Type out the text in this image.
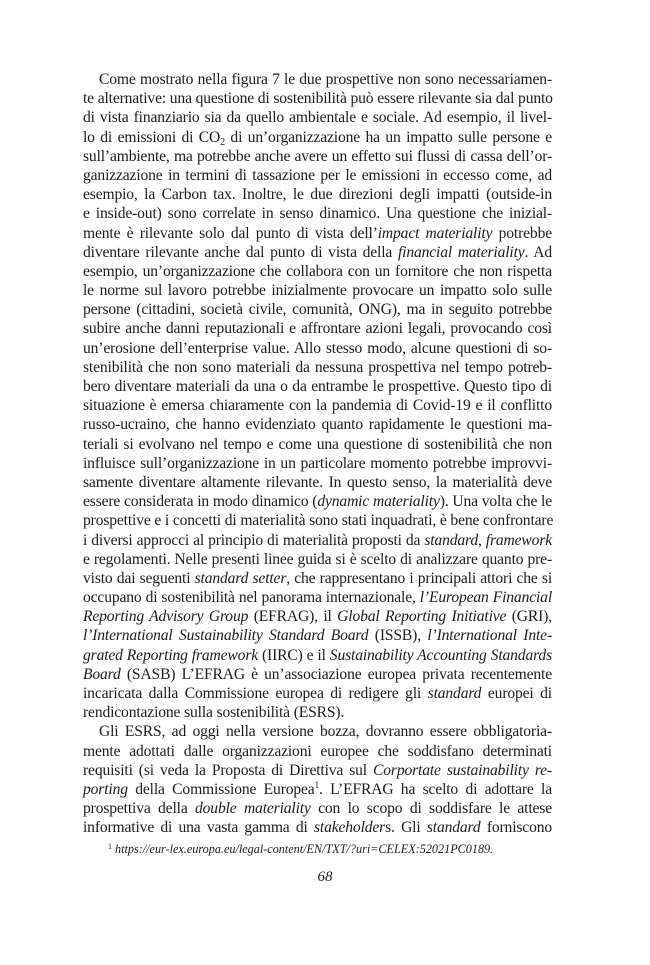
Come mostrato nella figura 7 le due prospettive non sono necessariamen-
te alternative: una questione di sostenibilità può essere rilevante sia dal punto
di vista finanziario sia da quello ambientale e sociale. Ad esempio, il livel-
lo di emissioni di $CO_2$ di un’organizzazione ha un impatto sulle persone e
sull’ambiente, ma potrebbe anche avere un effetto sui flussi di cassa dell’or-
ganizzazione in termini di tassazione per le emissioni in eccesso come, ad
esempio, la Carbon tax. Inoltre, le due direzioni degli impatti (outside-in
e inside-out) sono correlate in senso dinamico. Una questione che inizial-
mente è rilevante solo dal punto di vista dell’impact materiality potrebbe
diventare rilevante anche dal punto di vista della financial materiality. Ad
esempio, un’organizzazione che collabora con un fornitore che non rispetta
le norme sul lavoro potrebbe inizialmente provocare un impatto solo sulle
persone (cittadini, società civile, comunità, ONG), ma in seguito potrebbe
subire anche danni reputazionali e affrontare azioni legali, provocando così
un’erosione dell’enterprise value. Allo stesso modo, alcune questioni di so-
stenibilità che non sono materiali da nessuna prospettiva nel tempo potreb-
bero diventare materiali da una o da entrambe le prospettive. Questo tipo di
situazione è emersa chiaramente con la pandemia di Covid-19 e il conflitto
russo-ucraino, che hanno evidenziato quanto rapidamente le questioni ma-
teriali si evolvano nel tempo e come una questione di sostenibilità che non
influisce sull’organizzazione in un particolare momento potrebbe improvvi-
samente diventare altamente rilevante. In questo senso, la materialità deve
essere considerata in modo dinamico (dynamic materiality). Una volta che le
prospettive e i concetti di materialità sono stati inquadrati, è bene confrontare
i diversi approcci al principio di materialità proposti da standard, framework
e regolamenti. Nelle presenti linee guida si è scelto di analizzare quanto pre-
visto dai seguenti standard setter, che rappresentano i principali attori che si
occupano di sostenibilità nel panorama internazionale, l’European Financial
Reporting Advisory Group (EFRAG), il Global Reporting Initiative (GRI),
l’International Sustainability Standard Board (ISSB), l’International Inte-
grated Reporting framework (IIRC) e il Sustainability Accounting Standards
Board (SASB) L’EFRAG è un’associazione europea privata recentemente
incaricata dalla Commissione europea di redigere gli standard europei di
rendicontazione sulla sostenibilità (ESRS).
Gli ESRS, ad oggi nella versione bozza, dovranno essere obbligatoria-
mente adottati dalle organizzazioni europee che soddisfano determinati
requisiti (si veda la Proposta di Direttiva sul Corportate sustainability re-
porting della Commissione Europea$^1$. L’EFRAG ha scelto di adottare la
prospettiva della double materiality con lo scopo di soddisfare le attese
informative di una vasta gamma di stakeholders. Gli standard forniscono
$^1$ https://eur-lex.europa.eu/legal-content/EN/TXT/?uri=CELEX:52021PC0189.
68
